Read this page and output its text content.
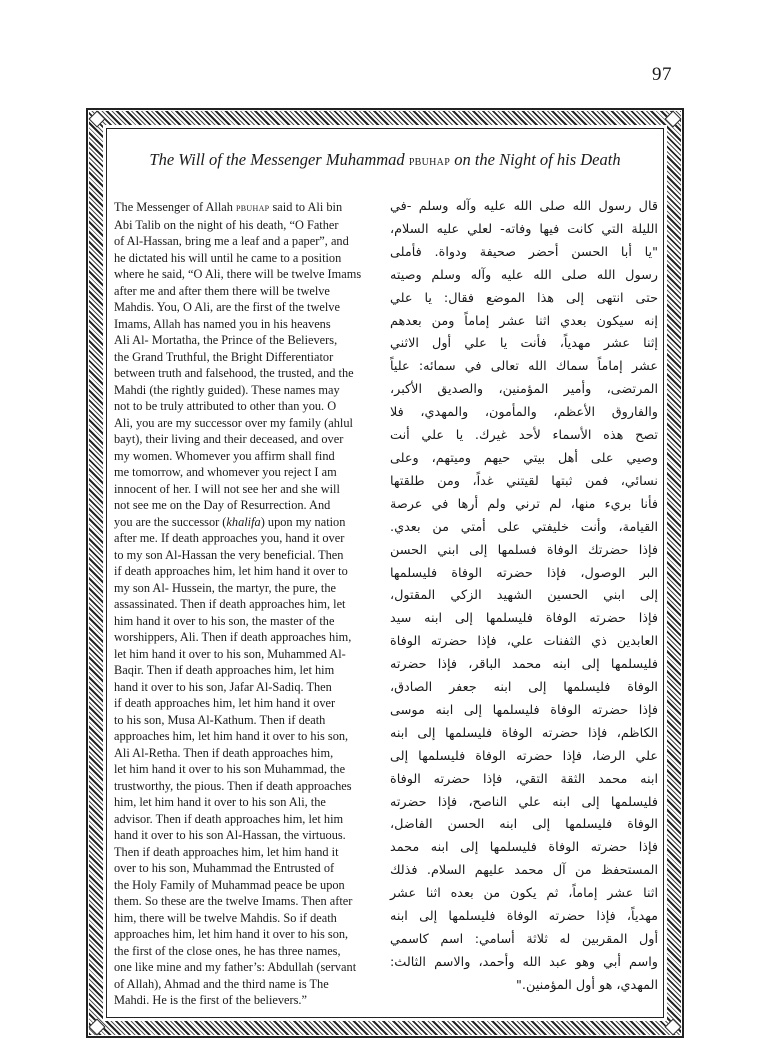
97
The Will of the Messenger Muhammad pbuhap on the Night of his Death
The Messenger of Allah pbuhap said to Ali bin
Abi Talib on the night of his death, “O Father
of Al-Hassan, bring me a leaf and a paper”, and
he dictated his will until he came to a position
where he said, “O Ali, there will be twelve Imams
after me and after them there will be twelve
Mahdis. You, O Ali, are the first of the twelve
Imams, Allah has named you in his heavens
Ali Al- Mortatha, the Prince of the Believers,
the Grand Truthful, the Bright Differentiator
between truth and falsehood, the trusted, and the
Mahdi (the rightly guided). These names may
not to be truly attributed to other than you. O
Ali, you are my successor over my family (ahlul
bayt), their living and their deceased, and over
my women. Whomever you affirm shall find
me tomorrow, and whomever you reject I am
innocent of her. I will not see her and she will
not see me on the Day of Resurrection. And
you are the successor (khalifa) upon my nation
after me. If death approaches you, hand it over
to my son Al-Hassan the very beneficial. Then
if death approaches him, let him hand it over to
my son Al- Hussein, the martyr, the pure, the
assassinated. Then if death approaches him, let
him hand it over to his son, the master of the
worshippers, Ali. Then if death approaches him,
let him hand it over to his son, Muhammed Al-
Baqir. Then if death approaches him, let him
hand it over to his son, Jafar Al-Sadiq. Then
if death approaches him, let him hand it over
to his son, Musa Al-Kathum. Then if death
approaches him, let him hand it over to his son,
Ali Al-Retha. Then if death approaches him,
let him hand it over to his son Muhammad, the
trustworthy, the pious. Then if death approaches
him, let him hand it over to his son Ali, the
advisor. Then if death approaches him, let him
hand it over to his son Al-Hassan, the virtuous.
Then if death approaches him, let him hand it
over to his son, Muhammad the Entrusted of
the Holy Family of Muhammad peace be upon
them. So these are the twelve Imams. Then after
him, there will be twelve Mahdis. So if death
approaches him, let him hand it over to his son,
the first of the close ones, he has three names,
one like mine and my father’s: Abdullah (servant
of Allah), Ahmad and the third name is The
Mahdi. He is the first of the believers.”
قال رسول الله صلى الله عليه وآله وسلم -في
الليلة التي كانت فيها وفاته- لعلي عليه السلام،
"يا أبا الحسن أحضر صحيفة ودواة. فأملى
رسول الله صلى الله عليه وآله وسلم وصيته
حتى انتهى إلى هذا الموضع فقال: يا علي
إنه سيكون بعدي اثنا عشر إماماً ومن بعدهم
إثنا عشر مهدياً، فأنت يا علي أول الاثني
عشر إماماً سماك الله تعالى في سمائه: علياً
المرتضى، وأمير المؤمنين، والصديق الأكبر،
والفاروق الأعظم، والمأمون، والمهدي، فلا
تصح هذه الأسماء لأحد غيرك. يا علي أنت
وصيي على أهل بيتي حيهم وميتهم، وعلى
نسائي، فمن ثبتها لقيتني غداً، ومن طلقتها
فأنا بريء منها، لم ترني ولم أرها في عرصة
القيامة، وأنت خليفتي على أمتي من بعدي.
فإذا حضرتك الوفاة فسلمها إلى ابني الحسن
البر الوصول، فإذا حضرته الوفاة فليسلمها
إلى ابني الحسين الشهيد الزكي المقتول،
فإذا حضرته الوفاة فليسلمها إلى ابنه سيد
العابدين ذي الثفنات علي، فإذا حضرته الوفاة
فليسلمها إلى ابنه محمد الباقر، فإذا حضرته
الوفاة فليسلمها إلى ابنه جعفر الصادق،
فإذا حضرته الوفاة فليسلمها إلى ابنه موسى
الكاظم، فإذا حضرته الوفاة فليسلمها إلى ابنه
علي الرضا، فإذا حضرته الوفاة فليسلمها إلى
ابنه محمد الثقة التقي، فإذا حضرته الوفاة
فليسلمها إلى ابنه علي الناصح، فإذا حضرته
الوفاة فليسلمها إلى ابنه الحسن الفاضل،
فإذا حضرته الوفاة فليسلمها إلى ابنه محمد
المستحفظ من آل محمد عليهم السلام. فذلك
اثنا عشر إماماً، ثم يكون من بعده اثنا عشر
مهدياً، فإذا حضرته الوفاة فليسلمها إلى ابنه
أول المقربين له ثلاثة أسامي: اسم كاسمي
واسم أبي وهو عبد الله وأحمد، والاسم الثالث:
المهدي، هو أول المؤمنين."
